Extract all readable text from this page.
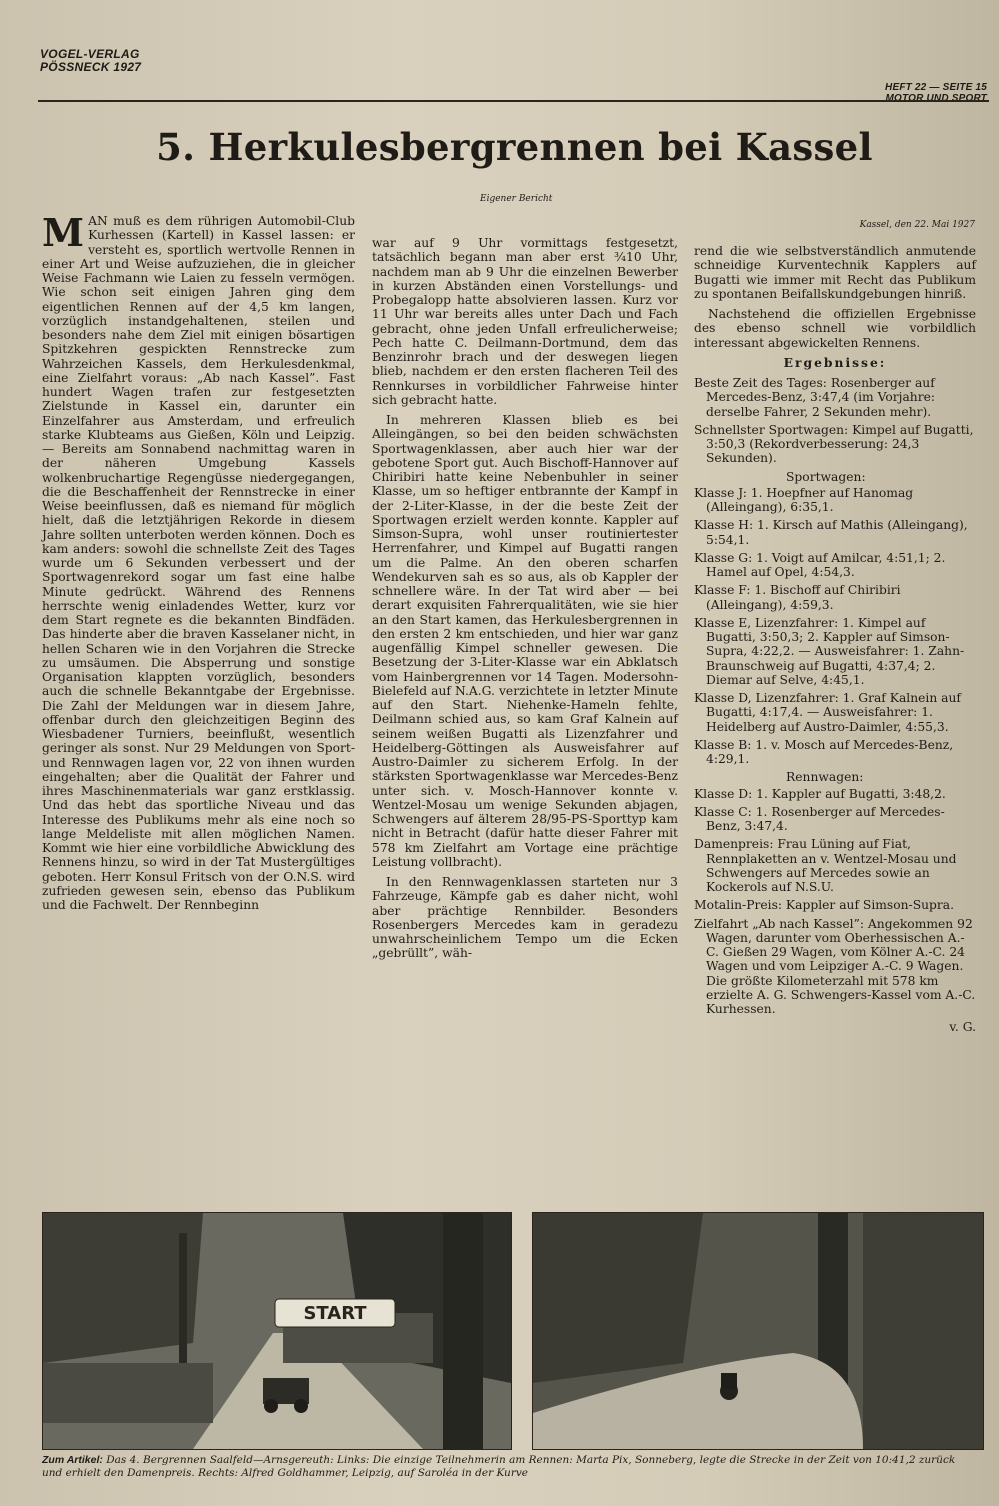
VOGEL-VERLAG
PÖSSNECK 1927
HEFT 22 — SEITE 15
MOTOR UND SPORT
5. Herkulesbergrennen bei Kassel
Eigener Bericht
Kassel, den 22. Mai 1927

MAN muß es dem rührigen Automobil-Club Kurhessen (Kartell) in Kassel lassen: er versteht es, sportlich wertvolle Rennen in einer Art und Weise aufzuziehen, die in gleicher Weise Fachmann wie Laien zu fesseln vermögen. Wie schon seit einigen Jahren ging dem eigentlichen Rennen auf der 4,5 km langen, vorzüglich instandgehaltenen, steilen und besonders nahe dem Ziel mit einigen bösartigen Spitzkehren gespickten Rennstrecke zum Wahrzeichen Kassels, dem Herkulesdenkmal, eine Zielfahrt voraus: „Ab nach Kassel”. Fast hundert Wagen trafen zur festgesetzten Zielstunde in Kassel ein, darunter ein Einzelfahrer aus Amsterdam, und erfreulich starke Klubteams aus Gießen, Köln und Leipzig. — Bereits am Sonnabend nachmittag waren in der näheren Umgebung Kassels wolkenbruchartige Regengüsse niedergegangen, die die Beschaffenheit der Rennstrecke in einer Weise beeinflussen, daß es niemand für möglich hielt, daß die letztjährigen Rekorde in diesem Jahre sollten unterboten werden können. Doch es kam anders: sowohl die schnellste Zeit des Tages wurde um 6 Sekunden verbessert und der Sportwagenrekord sogar um fast eine halbe Minute gedrückt. Während des Rennens herrschte wenig einladendes Wetter, kurz vor dem Start regnete es die bekannten Bindfäden. Das hinderte aber die braven Kasselaner nicht, in hellen Scharen wie in den Vorjahren die Strecke zu umsäumen. Die Absperrung und sonstige Organisation klappten vorzüglich, besonders auch die schnelle Bekanntgabe der Ergebnisse. Die Zahl der Meldungen war in diesem Jahre, offenbar durch den gleichzeitigen Beginn des Wiesbadener Turniers, beeinflußt, wesentlich geringer als sonst. Nur 29 Meldungen von Sport- und Rennwagen lagen vor, 22 von ihnen wurden eingehalten; aber die Qualität der Fahrer und ihres Maschinenmaterials war ganz erstklassig. Und das hebt das sportliche Niveau und das Interesse des Publikums mehr als eine noch so lange Meldeliste mit allen möglichen Namen. Kommt wie hier eine vorbildliche Abwicklung des Rennens hinzu, so wird in der Tat Mustergültiges geboten. Herr Konsul Fritsch von der O.N.S. wird zufrieden gewesen sein, ebenso das Publikum und die Fachwelt. Der Rennbeginn

war auf 9 Uhr vormittags festgesetzt, tatsächlich begann man aber erst ¾10 Uhr, nachdem man ab 9 Uhr die einzelnen Bewerber in kurzen Abständen einen Vorstellungs- und Probegalopp hatte absolvieren lassen. Kurz vor 11 Uhr war bereits alles unter Dach und Fach gebracht, ohne jeden Unfall erfreulicherweise; Pech hatte C. Deilmann-Dortmund, dem das Benzinrohr brach und der deswegen liegen blieb, nachdem er den ersten flacheren Teil des Rennkurses in vorbildlicher Fahrweise hinter sich gebracht hatte.

In mehreren Klassen blieb es bei Alleingängen, so bei den beiden schwächsten Sportwagenklassen, aber auch hier war der gebotene Sport gut. Auch Bischoff-Hannover auf Chiribiri hatte keine Nebenbuhler in seiner Klasse, um so heftiger entbrannte der Kampf in der 2-Liter-Klasse, in der die beste Zeit der Sportwagen erzielt werden konnte. Kappler auf Simson-Supra, wohl unser routiniertester Herrenfahrer, und Kimpel auf Bugatti rangen um die Palme. An den oberen scharfen Wendekurven sah es so aus, als ob Kappler der schnellere wäre. In der Tat wird aber — bei derart exquisiten Fahrerqualitäten, wie sie hier an den Start kamen, das Herkulesbergrennen in den ersten 2 km entschieden, und hier war ganz augenfällig Kimpel schneller gewesen. Die Besetzung der 3-Liter-Klasse war ein Abklatsch vom Hainbergrennen vor 14 Tagen. Modersohn-Bielefeld auf N.A.G. verzichtete in letzter Minute auf den Start. Niehenke-Hameln fehlte, Deilmann schied aus, so kam Graf Kalnein auf seinem weißen Bugatti als Lizenzfahrer und Heidelberg-Göttingen als Ausweisfahrer auf Austro-Daimler zu sicherem Erfolg. In der stärksten Sportwagenklasse war Mercedes-Benz unter sich. v. Mosch-Hannover konnte v. Wentzel-Mosau um wenige Sekunden abjagen, Schwengers auf älterem 28/95-PS-Sporttyp kam nicht in Betracht (dafür hatte dieser Fahrer mit 578 km Zielfahrt am Vortage eine prächtige Leistung vollbracht).

In den Rennwagenklassen starteten nur 3 Fahrzeuge, Kämpfe gab es daher nicht, wohl aber prächtige Rennbilder. Besonders Rosenbergers Mercedes kam in geradezu unwahrscheinlichem Tempo um die Ecken „gebrüllt”, wäh-

rend die wie selbstverständlich anmutende schneidige Kurventechnik Kapplers auf Bugatti wie immer mit Recht das Publikum zu spontanen Beifallskundgebungen hinriß.

Nachstehend die offiziellen Ergebnisse des ebenso schnell wie vorbildlich interessant abgewickelten Rennens.

Ergebnisse:

Beste Zeit des Tages: Rosenberger auf Mercedes-Benz, 3:47,4 (im Vorjahre: derselbe Fahrer, 2 Sekunden mehr).

Schnellster Sportwagen: Kimpel auf Bugatti, 3:50,3 (Rekordverbesserung: 24,3 Sekunden).

Sportwagen:

Klasse J: 1. Hoepfner auf Hanomag (Alleingang), 6:35,1.

Klasse H: 1. Kirsch auf Mathis (Alleingang), 5:54,1.

Klasse G: 1. Voigt auf Amilcar, 4:51,1; 2. Hamel auf Opel, 4:54,3.

Klasse F: 1. Bischoff auf Chiribiri (Alleingang), 4:59,3.

Klasse E, Lizenzfahrer: 1. Kimpel auf Bugatti, 3:50,3; 2. Kappler auf Simson-Supra, 4:22,2. — Ausweisfahrer: 1. Zahn-Braunschweig auf Bugatti, 4:37,4; 2. Diemar auf Selve, 4:45,1.

Klasse D, Lizenzfahrer: 1. Graf Kalnein auf Bugatti, 4:17,4. — Ausweisfahrer: 1. Heidelberg auf Austro-Daimler, 4:55,3.

Klasse B: 1. v. Mosch auf Mercedes-Benz, 4:29,1.

Rennwagen:

Klasse D: 1. Kappler auf Bugatti, 3:48,2.

Klasse C: 1. Rosenberger auf Mercedes-Benz, 3:47,4.

Damenpreis: Frau Lüning auf Fiat, Rennplaketten an v. Wentzel-Mosau und Schwengers auf Mercedes sowie an Kockerols auf N.S.U.

Motalin-Preis: Kappler auf Simson-Supra.

Zielfahrt „Ab nach Kassel”: Angekommen 92 Wagen, darunter vom Oberhessischen A.-C. Gießen 29 Wagen, vom Kölner A.-C. 24 Wagen und vom Leipziger A.-C. 9 Wagen. Die größte Kilometerzahl mit 578 km erzielte A. G. Schwengers-Kassel vom A.-C. Kurhessen.

v. G.

START
Zum Artikel: Das 4. Bergrennen Saalfeld—Arnsgereuth: Links: Die einzige Teilnehmerin am Rennen: Marta Pix, Sonneberg, legte die Strecke in der Zeit von 10:41,2 zurück und erhielt den Damenpreis. Rechts: Alfred Goldhammer, Leipzig, auf Saroléa in der Kurve
